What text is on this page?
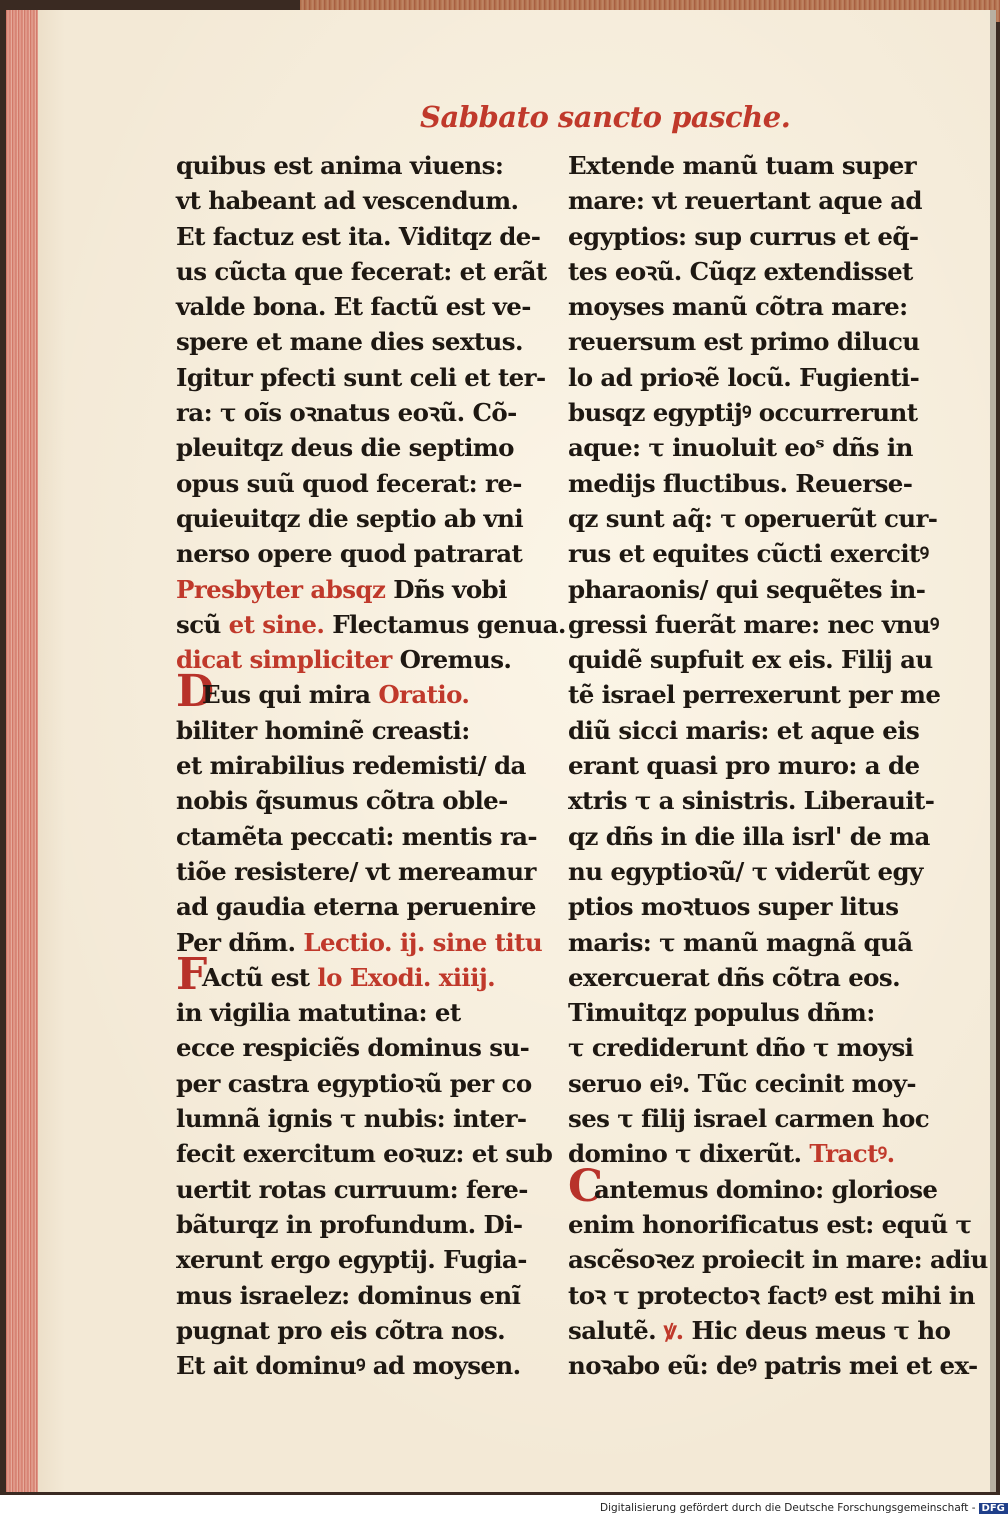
Sabbato sancto pasche.
quibus est anima viuens:
vt habeant ad vescendum.
Et factuz est ita. Viditqz de-
us cũcta que fecerat: et erãt
valde bona. Et factũ est ve-
spere et mane dies sextus.
Igitur pfecti sunt celi et ter-
ra: τ oĩs oꝛnatus eoꝛũ. Cõ-
pleuitqz deus die septimo
opus suũ quod fecerat: re-
quieuitqz die septio ab vni
nerso opere quod patrarat
Presbyter absqz Dñs vobi
scũ et sine. Flectamus genua.
dicat simpliciter Oremus.
DEus qui mira Oratio.
biliter hominẽ creasti:
et mirabilius redemisti/ da
nobis q̃sumus cõtra oble-
ctamẽta peccati: mentis ra-
tiõe resistere/ vt mereamur
ad gaudia eterna peruenire
Per dñm. Lectio. ij. sine titu
FActũ est lo Exodi. xiiij.
in vigilia matutina: et
ecce respiciẽs dominus su-
per castra egyptioꝛũ per co
lumnã ignis τ nubis: inter-
fecit exercitum eoꝛuz: et sub
uertit rotas curruum: fere-
bãturqz in profundum. Di-
xerunt ergo egyptij. Fugia-
mus israelez: dominus enĩ
pugnat pro eis cõtra nos.
Et ait dominuꝰ ad moysen.
Extende manũ tuam super
mare: vt reuertant aque ad
egyptios: sup currus et eq̃-
tes eoꝛũ. Cũqz extendisset
moyses manũ cõtra mare:
reuersum est primo dilucu
lo ad prioꝛẽ locũ. Fugienti-
busqz egyptijꝰ occurrerunt
aque: τ inuoluit eoˢ dñs in
medijs fluctibus. Reuerse-
qz sunt aq̃: τ operuerũt cur-
rus et equites cũcti exercitꝰ
pharaonis/ qui sequẽtes in-
gressi fuerãt mare: nec vnuꝰ
quidẽ supfuit ex eis. Filij au
tẽ israel perrexerunt per me
diũ sicci maris: et aque eis
erant quasi pro muro: a de
xtris τ a sinistris. Liberauit-
qz dñs in die illa isrl' de ma
nu egyptioꝛũ/ τ viderũt egy
ptios moꝛtuos super litus
maris: τ manũ magnã quã
exercuerat dñs cõtra eos.
Timuitqz populus dñm:
τ crediderunt dño τ moysi
seruo eiꝰ. Tũc cecinit moy-
ses τ filij israel carmen hoc
domino τ dixerũt. Tractꝰ.
Cantemus domino: gloriose
enim honorificatus est: equũ τ
ascẽsoꝛez proiecit in mare: adiu
toꝛ τ protectoꝛ factꝰ est mihi in
salutẽ. ꝟ. Hic deus meus τ ho
noꝛabo eũ: deꝰ patris mei et ex-
Digitalisierung gefördert durch die Deutsche Forschungsgemeinschaft - DFG
